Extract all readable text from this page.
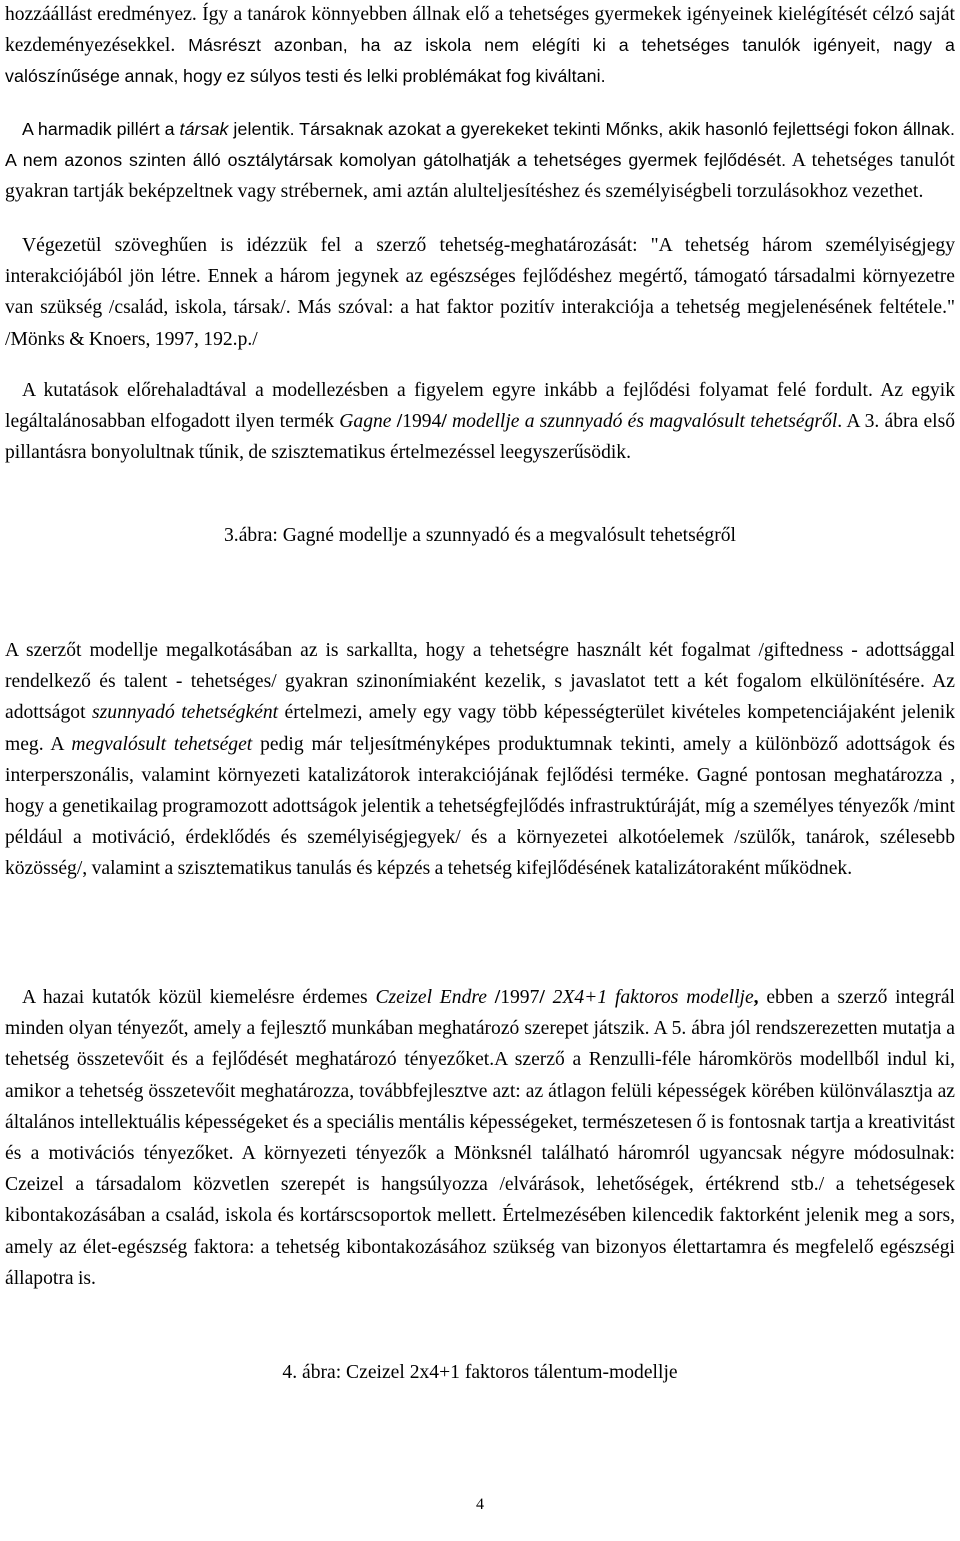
hozzáállást eredményez. Így a tanárok könnyebben állnak elő a tehetséges gyermekek igényeinek kielégítését célzó saját kezdeményezésekkel. Másrészt azonban, ha az iskola nem elégíti ki a tehetséges tanulók igényeit, nagy a valószínűsége annak, hogy ez súlyos testi és lelki problémákat fog kiváltani.

A harmadik pillért a társak jelentik. Társaknak azokat a gyerekeket tekinti Mőnks, akik hasonló fejlettségi fokon állnak. A nem azonos szinten álló osztálytársak komolyan gátolhatják a tehetséges gyermek fejlődését. A tehetséges tanulót gyakran tartják beképzeltnek vagy strébernek, ami aztán alulteljesítéshez és személyiségbeli torzulásokhoz vezethet.

Végezetül szöveghűen is idézzük fel a szerző tehetség-meghatározását: "A tehetség három személyiségjegy interakciójából jön létre. Ennek a három jegynek az egészséges fejlődéshez megértő, támogató társadalmi környezetre van szükség /család, iskola, társak/. Más szóval: a hat faktor pozitív interakciója a tehetség megjelenésének feltétele." /Mönks & Knoers, 1997, 192.p./

A kutatások előrehaladtával a modellezésben a figyelem egyre inkább a fejlődési folyamat felé fordult. Az egyik legáltalánosabban elfogadott ilyen termék Gagne /1994/ modellje a szunnyadó és magvalósult tehetségről. A 3. ábra első pillantásra bonyolultnak tűnik, de szisztematikus értelmezéssel leegyszerűsödik.

3.ábra: Gagné modellje a szunnyadó és a megvalósult tehetségről

A szerzőt modellje megalkotásában az is sarkallta, hogy a tehetségre használt két fogalmat /giftedness - adottsággal rendelkező és talent - tehetséges/ gyakran szinonímiaként kezelik, s javaslatot tett a két fogalom elkülönítésére. Az adottságot szunnyadó tehetségként értelmezi, amely egy vagy több képességterület kivételes kompetenciájaként jelenik meg. A megvalósult tehetséget pedig már teljesítményképes produktumnak tekinti, amely a különböző adottságok és interperszonális, valamint környezeti katalizátorok interakciójának fejlődési terméke. Gagné pontosan meghatározza , hogy a genetikailag programozott adottságok jelentik a tehetségfejlődés infrastruktúráját, míg a személyes tényezők /mint például a motiváció, érdeklődés és személyiségjegyek/ és a környezetei alkotóelemek /szülők, tanárok, szélesebb közösség/, valamint a szisztematikus tanulás és képzés a tehetség kifejlődésének katalizátoraként működnek.

A hazai kutatók közül kiemelésre érdemes Czeizel Endre /1997/ 2X4+1 faktoros modellje, ebben a szerző integrál minden olyan tényezőt, amely a fejlesztő munkában meghatározó szerepet játszik. A 5. ábra jól rendszerezetten mutatja a tehetség összetevőit és a fejlődését meghatározó tényezőket.A szerző a Renzulli-féle háromkörös modellből indul ki, amikor a tehetség összetevőit meghatározza, továbbfejlesztve azt: az átlagon felüli képességek körében különválasztja az általános intellektuális képességeket és a speciális mentális képességeket, természetesen ő is fontosnak tartja a kreativitást és a motivációs tényezőket. A környezeti tényezők a Mönksnél található háromról ugyancsak négyre módosulnak: Czeizel a társadalom közvetlen szerepét is hangsúlyozza /elvárások, lehetőségek, értékrend stb./ a tehetségesek kibontakozásában a család, iskola és kortárscsoportok mellett. Értelmezésében kilencedik faktorként jelenik meg a sors, amely az élet-egészség faktora: a tehetség kibontakozásához szükség van bizonyos élettartamra és megfelelő egészségi állapotra is.

4. ábra: Czeizel 2x4+1 faktoros tálentum-modellje

4
